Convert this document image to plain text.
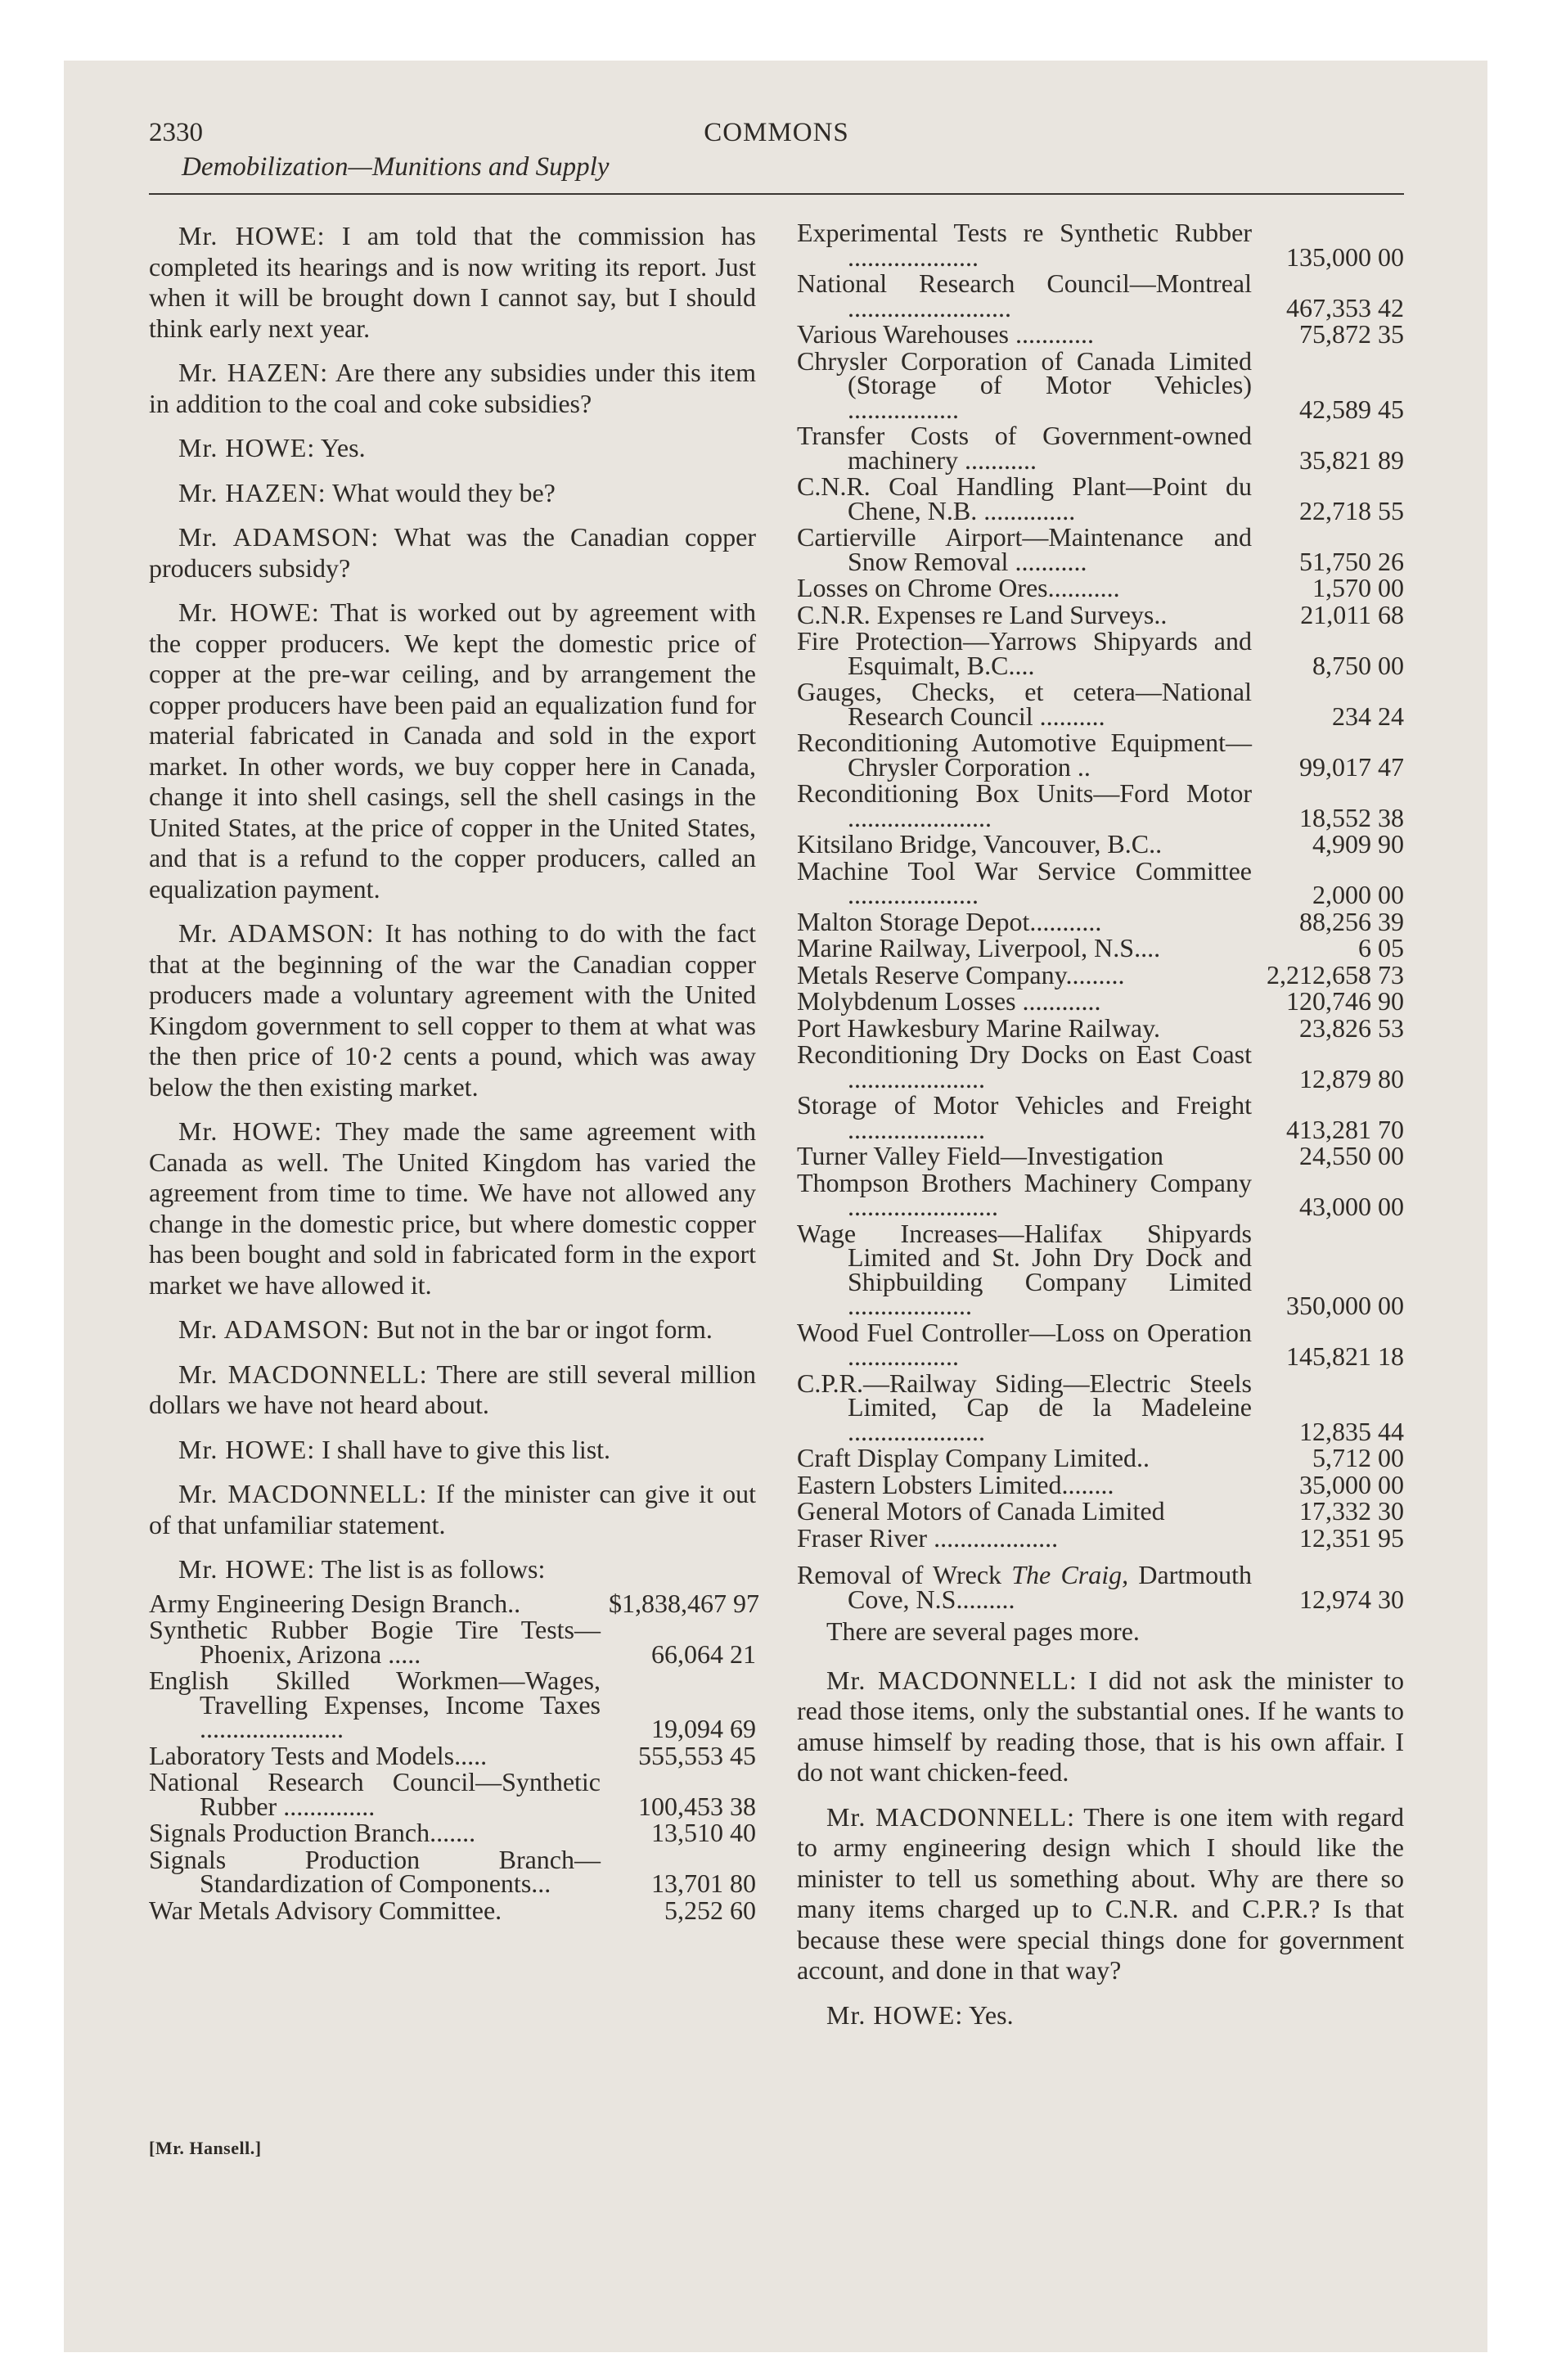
2330	COMMONS
Demobilization—Munitions and Supply

Mr. HOWE: I am told that the commission has completed its hearings and is now writing its report. Just when it will be brought down I cannot say, but I should think early next year.

Mr. HAZEN: Are there any subsidies under this item in addition to the coal and coke subsidies?

Mr. HOWE: Yes.

Mr. HAZEN: What would they be?

Mr. ADAMSON: What was the Canadian copper producers subsidy?

Mr. HOWE: That is worked out by agreement with the copper producers. We kept the domestic price of copper at the pre-war ceiling, and by arrangement the copper producers have been paid an equalization fund for material fabricated in Canada and sold in the export market. In other words, we buy copper here in Canada, change it into shell casings, sell the shell casings in the United States, at the price of copper in the United States, and that is a refund to the copper producers, called an equalization payment.

Mr. ADAMSON: It has nothing to do with the fact that at the beginning of the war the Canadian copper producers made a voluntary agreement with the United Kingdom government to sell copper to them at what was the then price of 10·2 cents a pound, which was away below the then existing market.

Mr. HOWE: They made the same agreement with Canada as well. The United Kingdom has varied the agreement from time to time. We have not allowed any change in the domestic price, but where domestic copper has been bought and sold in fabricated form in the export market we have allowed it.

Mr. ADAMSON: But not in the bar or ingot form.

Mr. MACDONNELL: There are still several million dollars we have not heard about.

Mr. HOWE: I shall have to give this list.

Mr. MACDONNELL: If the minister can give it out of that unfamiliar statement.

Mr. HOWE: The list is as follows:

Army Engineering Design Branch..	$1,838,467 97
Synthetic Rubber Bogie Tire Tests—Phoenix, Arizona .....	66,064 21
English Skilled Workmen—Wages, Travelling Expenses, Income Taxes ......................	19,094 69
Laboratory Tests and Models.....	555,553 45
National Research Council—Synthetic Rubber ..............	100,453 38
Signals Production Branch.......	13,510 40
Signals Production Branch—Standardization of Components...	13,701 80
War Metals Advisory Committee.	5,252 60
Experimental Tests re Synthetic Rubber ....................	135,000 00
National Research Council—Montreal .........................	467,353 42
Various Warehouses ............	75,872 35
Chrysler Corporation of Canada Limited (Storage of Motor Vehicles) .................	42,589 45
Transfer Costs of Government-owned machinery ...........	35,821 89
C.N.R. Coal Handling Plant—Point du Chene, N.B. ..............	22,718 55
Cartierville Airport—Maintenance and Snow Removal ...........	51,750 26
Losses on Chrome Ores...........	1,570 00
C.N.R. Expenses re Land Surveys..	21,011 68
Fire Protection—Yarrows Shipyards and Esquimalt, B.C....	8,750 00
Gauges, Checks, et cetera—National Research Council ..........	234 24
Reconditioning Automotive Equipment—Chrysler Corporation ..	99,017 47
Reconditioning Box Units—Ford Motor ......................	18,552 38
Kitsilano Bridge, Vancouver, B.C..	4,909 90
Machine Tool War Service Committee ....................	2,000 00
Malton Storage Depot...........	88,256 39
Marine Railway, Liverpool, N.S....	6 05
Metals Reserve Company.........	2,212,658 73
Molybdenum Losses ............	120,746 90
Port Hawkesbury Marine Railway.	23,826 53
Reconditioning Dry Docks on East Coast .....................	12,879 80
Storage of Motor Vehicles and Freight .....................	413,281 70
Turner Valley Field—Investigation	24,550 00
Thompson Brothers Machinery Company .......................	43,000 00
Wage Increases—Halifax Shipyards Limited and St. John Dry Dock and Shipbuilding Company Limited ...................	350,000 00
Wood Fuel Controller—Loss on Operation .................	145,821 18
C.P.R.—Railway Siding—Electric Steels Limited, Cap de la Madeleine .....................	12,835 44
Craft Display Company Limited..	5,712 00
Eastern Lobsters Limited........	35,000 00
General Motors of Canada Limited	17,332 30
Fraser River ...................	12,351 95
Removal of Wreck The Craig, Dartmouth Cove, N.S.........	12,974 30

There are several pages more.

Mr. MACDONNELL: I did not ask the minister to read those items, only the substantial ones. If he wants to amuse himself by reading those, that is his own affair. I do not want chicken-feed.

Mr. MACDONNELL: There is one item with regard to army engineering design which I should like the minister to tell us something about. Why are there so many items charged up to C.N.R. and C.P.R.? Is that because these were special things done for government account, and done in that way?

Mr. HOWE: Yes.

[Mr. Hansell.]
